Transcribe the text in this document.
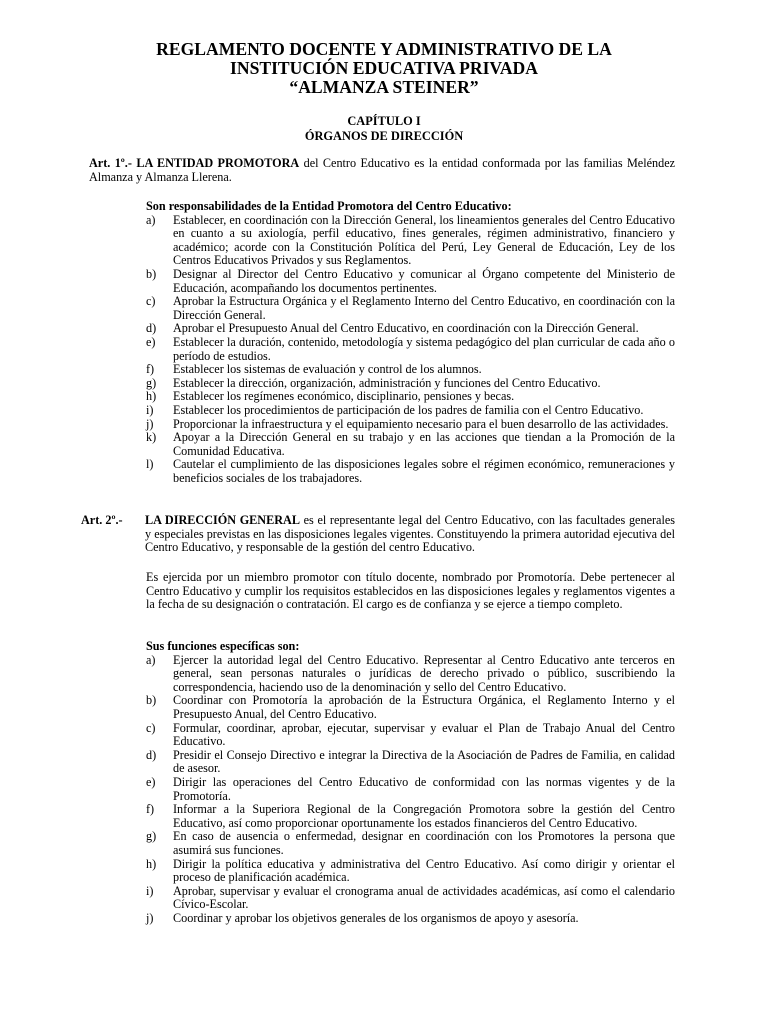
REGLAMENTO DOCENTE Y ADMINISTRATIVO DE LA
INSTITUCIÓN EDUCATIVA PRIVADA
“ALMANZA STEINER”
CAPÍTULO I
ÓRGANOS DE DIRECCIÓN
Art. 1º.- LA ENTIDAD PROMOTORA del Centro Educativo es la entidad conformada por las familias Meléndez Almanza y Almanza Llerena.
Son responsabilidades de la Entidad Promotora del Centro Educativo:
a)	Establecer, en coordinación con la Dirección General, los lineamientos generales del Centro Educativo en cuanto a su axiología, perfil educativo, fines generales, régimen administrativo, financiero y académico; acorde con la Constitución Política del Perú, Ley General de Educación, Ley de los Centros Educativos Privados y sus Reglamentos.
b)	Designar al Director del Centro Educativo y comunicar al Órgano competente del Ministerio de Educación, acompañando los documentos pertinentes.
c)	Aprobar la Estructura Orgánica y el Reglamento Interno del Centro Educativo, en coordinación con la Dirección General.
d)	Aprobar el Presupuesto Anual del Centro Educativo, en coordinación con la Dirección General.
e)	Establecer la duración, contenido, metodología y sistema pedagógico del plan curricular de cada año o período de estudios.
f)	Establecer los sistemas de evaluación y control de los alumnos.
g)	Establecer la dirección, organización, administración y funciones del Centro Educativo.
h)	Establecer los regímenes económico, disciplinario, pensiones y becas.
i)	Establecer los procedimientos de participación de los padres de familia con el Centro Educativo.
j)	Proporcionar la infraestructura y el equipamiento necesario para el buen desarrollo de las actividades.
k)	Apoyar a la Dirección General en su trabajo y en las acciones que tiendan a la Promoción de la Comunidad Educativa.
l)	Cautelar el cumplimiento de las disposiciones legales sobre el régimen económico, remuneraciones y beneficios sociales de los trabajadores.
Art. 2º.-	LA DIRECCIÓN GENERAL es el representante legal del Centro Educativo, con las facultades generales y especiales previstas en las disposiciones legales vigentes. Constituyendo la primera autoridad ejecutiva del Centro Educativo, y responsable de la gestión del centro Educativo.
Es ejercida por un miembro promotor con título docente, nombrado por Promotoría. Debe pertenecer al Centro Educativo y cumplir los requisitos establecidos en las disposiciones legales y reglamentos vigentes a la fecha de su designación o contratación. El cargo es de confianza y se ejerce a tiempo completo.
Sus funciones específicas son:
a)	Ejercer la autoridad legal del Centro Educativo. Representar al Centro Educativo ante terceros en general, sean personas naturales o jurídicas de derecho privado o público, suscribiendo la correspondencia, haciendo uso de la denominación y sello del Centro Educativo.
b)	Coordinar con Promotoría la aprobación de la Estructura Orgánica, el Reglamento Interno y el Presupuesto Anual, del Centro Educativo.
c)	Formular, coordinar, aprobar, ejecutar, supervisar y evaluar el Plan de Trabajo Anual del Centro Educativo.
d)	Presidir el Consejo Directivo e integrar la Directiva de la Asociación de Padres de Familia, en calidad de asesor.
e)	Dirigir las operaciones del Centro Educativo de conformidad con las normas vigentes y de la Promotoría.
f)	Informar a la Superiora Regional de la Congregación Promotora sobre la gestión del Centro Educativo, así como proporcionar oportunamente los estados financieros del Centro Educativo.
g)	En caso de ausencia o enfermedad, designar en coordinación con los Promotores la persona que asumirá sus funciones.
h)	Dirigir la política educativa y administrativa del Centro Educativo. Así como dirigir y orientar el proceso de planificación académica.
i)	Aprobar, supervisar y evaluar el cronograma anual de actividades académicas, así como el calendario Cívico-Escolar.
j)	Coordinar y aprobar los objetivos generales de los organismos de apoyo y asesoría.
